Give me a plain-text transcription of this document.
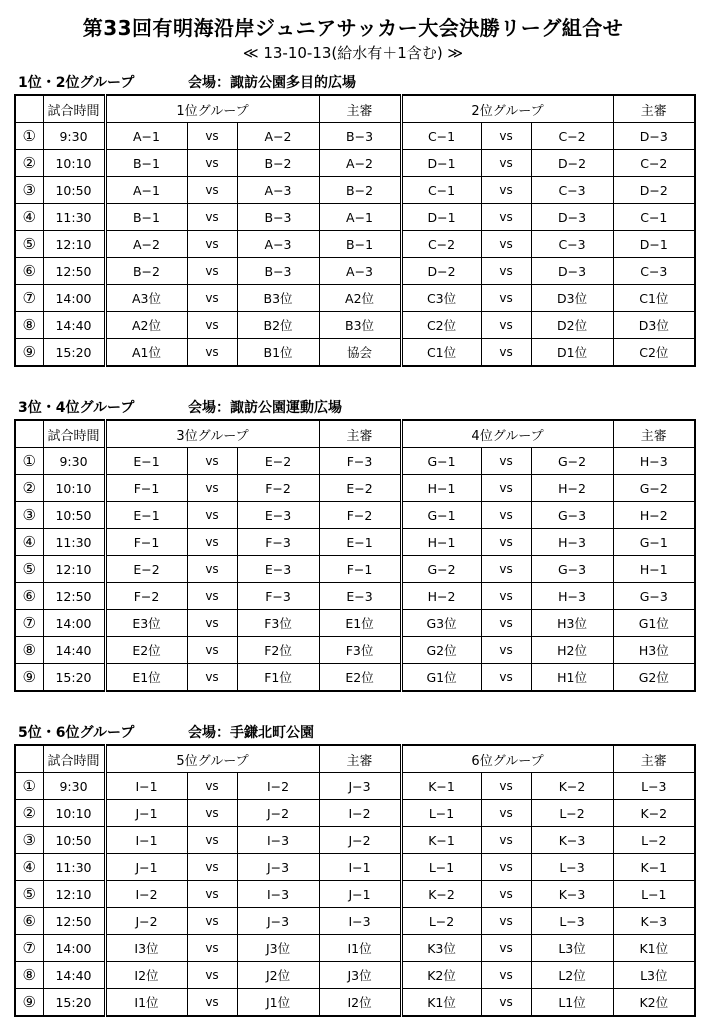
第33回有明海沿岸ジュニアサッカー大会決勝リーグ組合せ
≪ 13-10-13(給水有＋1含む) ≫
1位・2位グループ	会場：諏訪公園多目的広場
	試合時間	1位グループ			主審	2位グループ			主審
①	9:30	A−1	vs	A−2	B−3	C−1	vs	C−2	D−3
②	10:10	B−1	vs	B−2	A−2	D−1	vs	D−2	C−2
③	10:50	A−1	vs	A−3	B−2	C−1	vs	C−3	D−2
④	11:30	B−1	vs	B−3	A−1	D−1	vs	D−3	C−1
⑤	12:10	A−2	vs	A−3	B−1	C−2	vs	C−3	D−1
⑥	12:50	B−2	vs	B−3	A−3	D−2	vs	D−3	C−3
⑦	14:00	A3位	vs	B3位	A2位	C3位	vs	D3位	C1位
⑧	14:40	A2位	vs	B2位	B3位	C2位	vs	D2位	D3位
⑨	15:20	A1位	vs	B1位	協会	C1位	vs	D1位	C2位
3位・4位グループ	会場：諏訪公園運動広場
	試合時間	3位グループ			主審	4位グループ			主審
①	9:30	E−1	vs	E−2	F−3	G−1	vs	G−2	H−3
②	10:10	F−1	vs	F−2	E−2	H−1	vs	H−2	G−2
③	10:50	E−1	vs	E−3	F−2	G−1	vs	G−3	H−2
④	11:30	F−1	vs	F−3	E−1	H−1	vs	H−3	G−1
⑤	12:10	E−2	vs	E−3	F−1	G−2	vs	G−3	H−1
⑥	12:50	F−2	vs	F−3	E−3	H−2	vs	H−3	G−3
⑦	14:00	E3位	vs	F3位	E1位	G3位	vs	H3位	G1位
⑧	14:40	E2位	vs	F2位	F3位	G2位	vs	H2位	H3位
⑨	15:20	E1位	vs	F1位	E2位	G1位	vs	H1位	G2位
5位・6位グループ	会場：手鎌北町公園
	試合時間	5位グループ			主審	6位グループ			主審
①	9:30	I−1	vs	I−2	J−3	K−1	vs	K−2	L−3
②	10:10	J−1	vs	J−2	I−2	L−1	vs	L−2	K−2
③	10:50	I−1	vs	I−3	J−2	K−1	vs	K−3	L−2
④	11:30	J−1	vs	J−3	I−1	L−1	vs	L−3	K−1
⑤	12:10	I−2	vs	I−3	J−1	K−2	vs	K−3	L−1
⑥	12:50	J−2	vs	J−3	I−3	L−2	vs	L−3	K−3
⑦	14:00	I3位	vs	J3位	I1位	K3位	vs	L3位	K1位
⑧	14:40	I2位	vs	J2位	J3位	K2位	vs	L2位	L3位
⑨	15:20	I1位	vs	J1位	I2位	K1位	vs	L1位	K2位
